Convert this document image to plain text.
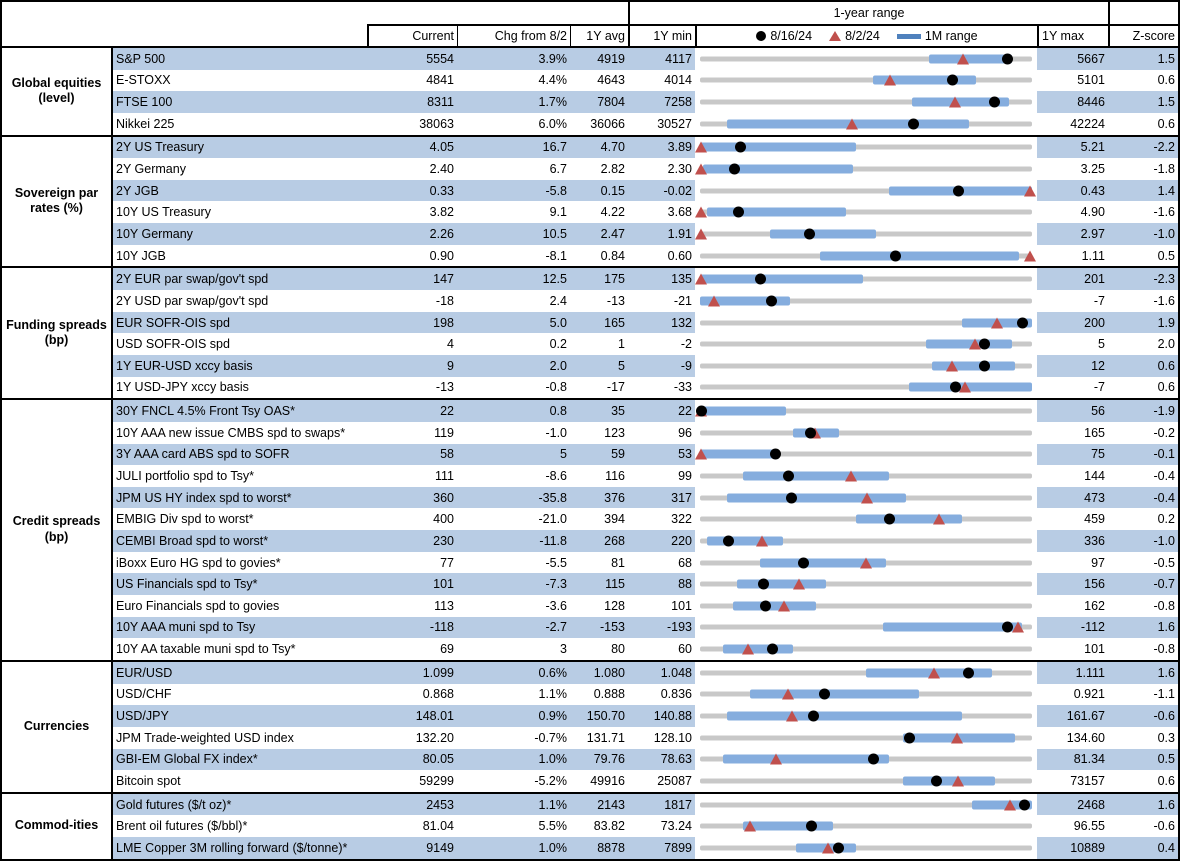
1-year range
Current	Chg from 8/2	1Y avg	1Y min	8/16/24	8/2/24	1M range	1Y max	Z-score
Global equities (level)
S&P 500	5554	3.9%	4919	4117	5667	1.5
E-STOXX	4841	4.4%	4643	4014	5101	0.6
FTSE 100	8311	1.7%	7804	7258	8446	1.5
Nikkei 225	38063	6.0%	36066	30527	42224	0.6
Sovereign par rates (%)
2Y US Treasury	4.05	16.7	4.70	3.89	5.21	-2.2
2Y Germany	2.40	6.7	2.82	2.30	3.25	-1.8
2Y JGB	0.33	-5.8	0.15	-0.02	0.43	1.4
10Y US Treasury	3.82	9.1	4.22	3.68	4.90	-1.6
10Y Germany	2.26	10.5	2.47	1.91	2.97	-1.0
10Y JGB	0.90	-8.1	0.84	0.60	1.11	0.5
Funding spreads (bp)
2Y EUR par swap/gov't spd	147	12.5	175	135	201	-2.3
2Y USD par swap/gov't spd	-18	2.4	-13	-21	-7	-1.6
EUR SOFR-OIS spd	198	5.0	165	132	200	1.9
USD SOFR-OIS spd	4	0.2	1	-2	5	2.0
1Y EUR-USD xccy basis	9	2.0	5	-9	12	0.6
1Y USD-JPY xccy basis	-13	-0.8	-17	-33	-7	0.6
Credit spreads (bp)
30Y FNCL 4.5% Front Tsy OAS*	22	0.8	35	22	56	-1.9
10Y AAA new issue CMBS spd to swaps*	119	-1.0	123	96	165	-0.2
3Y AAA card ABS spd to SOFR	58	5	59	53	75	-0.1
JULI portfolio spd to Tsy*	111	-8.6	116	99	144	-0.4
JPM US HY index spd to worst*	360	-35.8	376	317	473	-0.4
EMBIG Div spd to worst*	400	-21.0	394	322	459	0.2
CEMBI Broad spd to worst*	230	-11.8	268	220	336	-1.0
iBoxx Euro HG spd to govies*	77	-5.5	81	68	97	-0.5
US Financials spd to Tsy*	101	-7.3	115	88	156	-0.7
Euro Financials spd to govies	113	-3.6	128	101	162	-0.8
10Y AAA muni spd to Tsy	-118	-2.7	-153	-193	-112	1.6
10Y AA taxable muni spd to Tsy*	69	3	80	60	101	-0.8
Currencies
EUR/USD	1.099	0.6%	1.080	1.048	1.111	1.6
USD/CHF	0.868	1.1%	0.888	0.836	0.921	-1.1
USD/JPY	148.01	0.9%	150.70	140.88	161.67	-0.6
JPM Trade-weighted USD index	132.20	-0.7%	131.71	128.10	134.60	0.3
GBI-EM Global FX index*	80.05	1.0%	79.76	78.63	81.34	0.5
Bitcoin spot	59299	-5.2%	49916	25087	73157	0.6
Commod-ities
Gold futures ($/t oz)*	2453	1.1%	2143	1817	2468	1.6
Brent oil futures ($/bbl)*	81.04	5.5%	83.82	73.24	96.55	-0.6
LME Copper 3M rolling forward ($/tonne)*	9149	1.0%	8878	7899	10889	0.4
